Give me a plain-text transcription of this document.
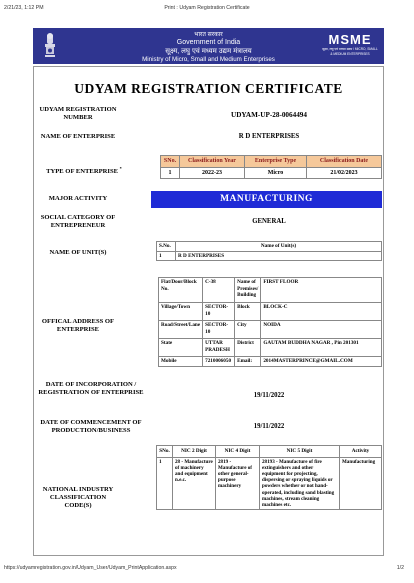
2/21/23, 1:12 PM	Print : Udyam Registration Certificate
भारत सरकार
Government of India
सूक्ष्म, लघु एवं मध्यम उद्यम मंत्रालय
Ministry of Micro, Small and Medium Enterprises
MSME
सूक्ष्म, लघु एवं मध्यम उद्यम / MICRO, SMALL & MEDIUM ENTERPRISES
UDYAM REGISTRATION CERTIFICATE
UDYAM REGISTRATION NUMBER	UDYAM-UP-28-0064494
NAME OF ENTERPRISE	R D ENTERPRISES
TYPE OF ENTERPRISE *
SNo.	Classification Year	Enterprise Type	Classification Date
1	2022-23	Micro	21/02/2023
MAJOR ACTIVITY	MANUFACTURING
SOCIAL CATEGORY OF ENTREPRENEUR
GENERAL
NAME OF UNIT(S)
S.No.	Name of Unit(s)
1	R D ENTERPRISES
OFFICAL ADDRESS OF ENTERPRISE
Flat/Door/Block No.	C-38	Name of Premises/ Building	FIRST FLOOR
Village/Town	SECTOR-10	Block	BLOCK-C
Road/Street/Lane	SECTOR-10	City	NOIDA
State	UTTAR PRADESH	District	GAUTAM BUDDHA NAGAR , Pin 201301
Mobile	7210006050	Email:	2014MASTERPRINCE@GMAIL.COM
DATE OF INCORPORATION / REGISTRATION OF ENTERPRISE	19/11/2022
DATE OF COMMENCEMENT OF PRODUCTION/BUSINESS
19/11/2022
NATIONAL INDUSTRY CLASSIFICATION CODE(S)
SNo.	NIC 2 Digit	NIC 4 Digit	NIC 5 Digit	Activity
1	28 - Manufacture of machinery and equipment n.e.c.	2819 - Manufacture of other general-purpose machinery	28193 - Manufacture of fire extinguishers and other equipment for projecting, dispersing or spraying liquids or powders whether or not hand-operated, including sand blasting machines, stream cleaning machines etc.	Manufacturing
https://udyamregistration.gov.in/Udyam_User/Udyam_PrintApplication.aspx	1/2
